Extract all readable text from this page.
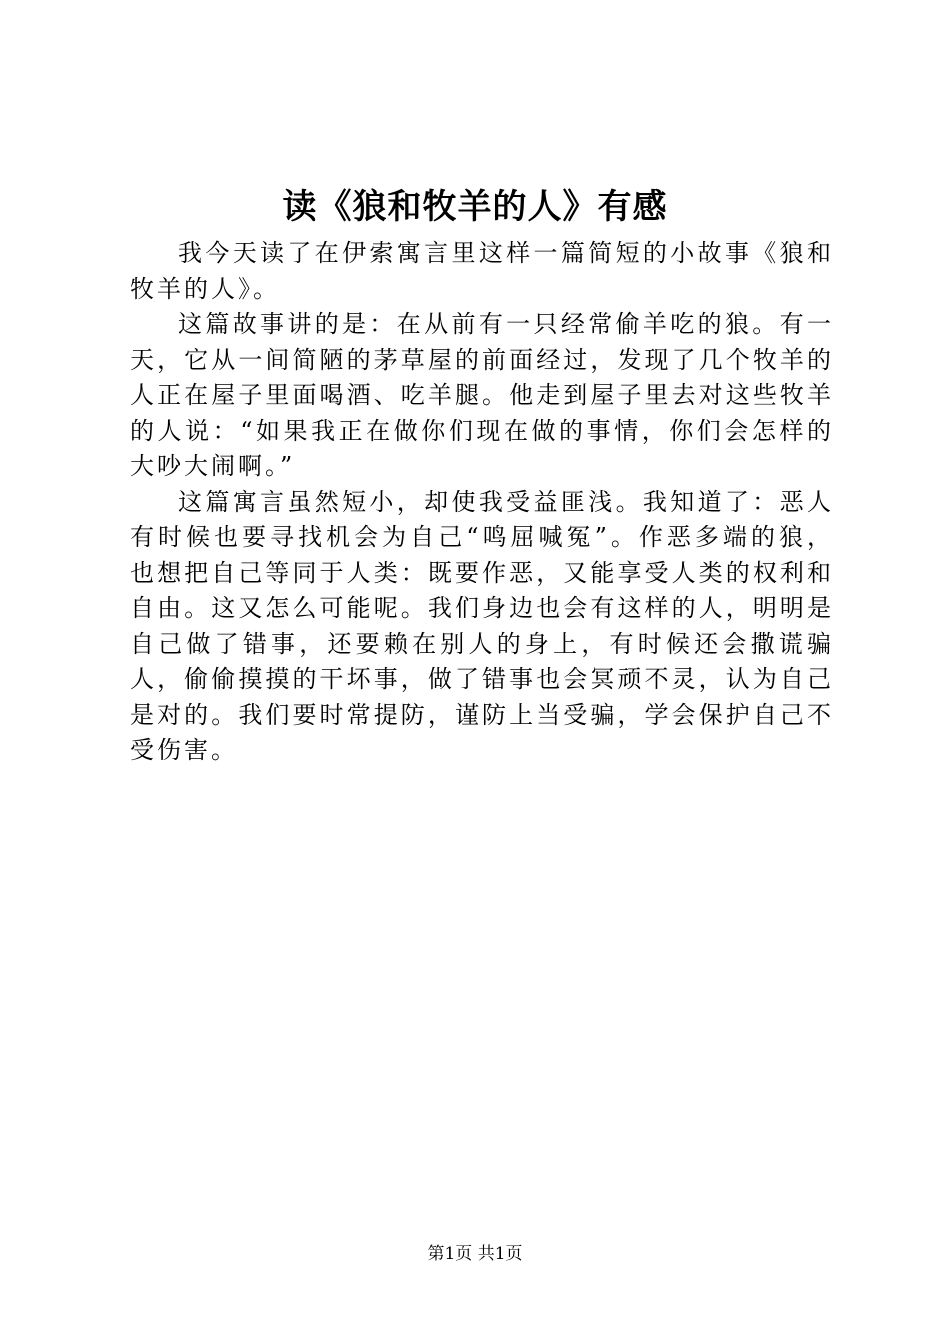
读《狼和牧羊的人》有感

我今天读了在伊索寓言里这样一篇简短的小故事《狼和牧羊的人》。

这篇故事讲的是：在从前有一只经常偷羊吃的狼。有一天，它从一间简陋的茅草屋的前面经过，发现了几个牧羊的人正在屋子里面喝酒、吃羊腿。他走到屋子里去对这些牧羊的人说：“如果我正在做你们现在做的事情，你们会怎样的大吵大闹啊。”

这篇寓言虽然短小，却使我受益匪浅。我知道了：恶人有时候也要寻找机会为自己“鸣屈喊冤”。作恶多端的狼，也想把自己等同于人类：既要作恶，又能享受人类的权利和自由。这又怎么可能呢。我们身边也会有这样的人，明明是自己做了错事，还要赖在别人的身上，有时候还会撒谎骗人，偷偷摸摸的干坏事，做了错事也会冥顽不灵，认为自己是对的。我们要时常提防，谨防上当受骗，学会保护自己不受伤害。

第1页 共1页
